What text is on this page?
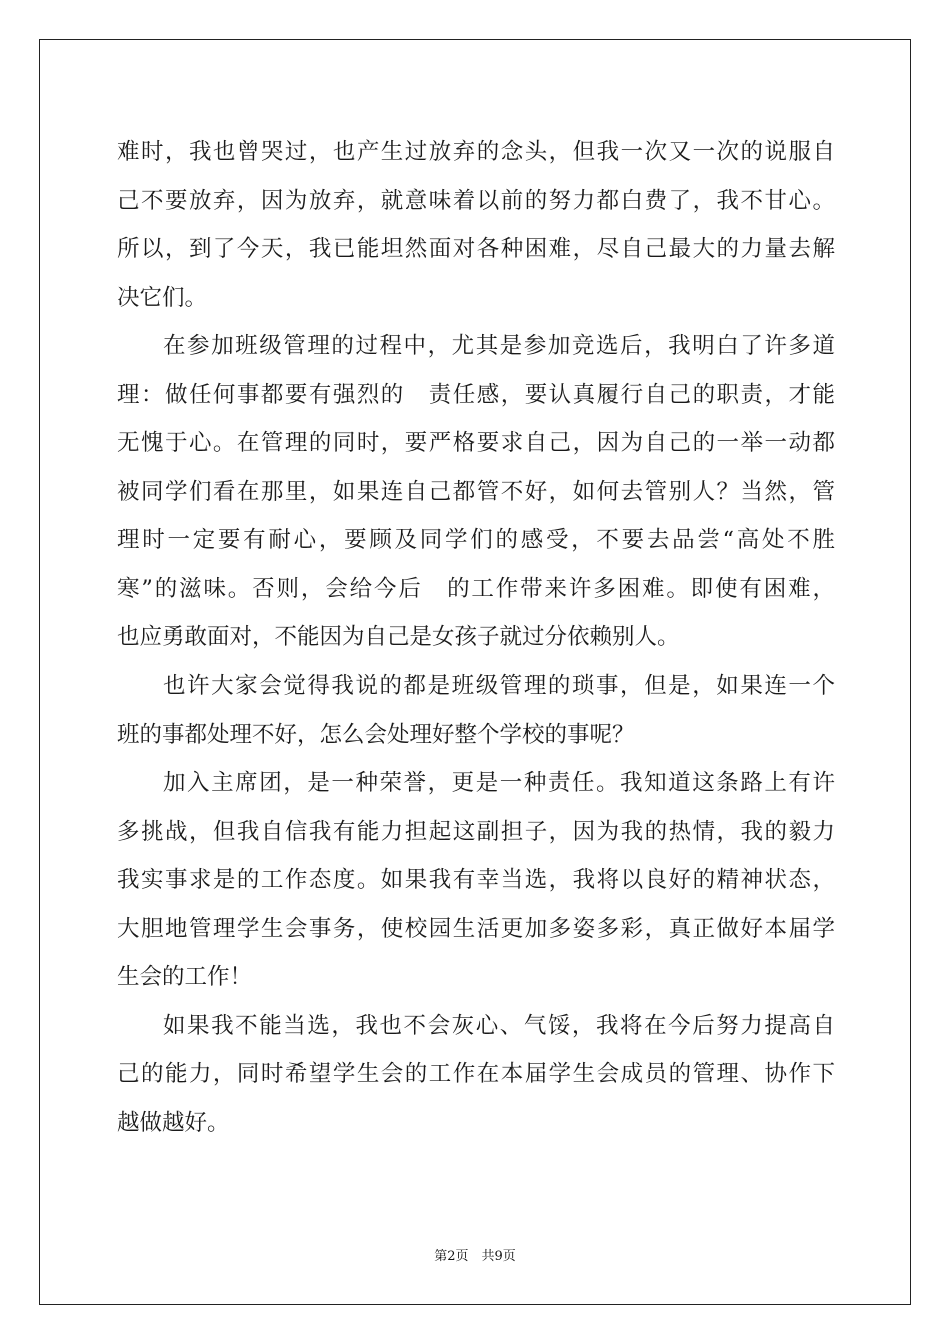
难时，我也曾哭过，也产生过放弃的念头，但我一次又一次的说服自
己不要放弃，因为放弃，就意味着以前的努力都白费了，我不甘心。
所以，到了今天，我已能坦然面对各种困难，尽自己最大的力量去解
决它们。
在参加班级管理的过程中，尤其是参加竞选后，我明白了许多道
理：做任何事都要有强烈的　责任感，要认真履行自己的职责，才能
无愧于心。在管理的同时，要严格要求自己，因为自己的一举一动都
被同学们看在那里，如果连自己都管不好，如何去管别人？当然，管
理时一定要有耐心，要顾及同学们的感受，不要去品尝“高处不胜
寒”的滋味。否则，会给今后　的工作带来许多困难。即使有困难，
也应勇敢面对，不能因为自己是女孩子就过分依赖别人。
也许大家会觉得我说的都是班级管理的琐事，但是，如果连一个
班的事都处理不好，怎么会处理好整个学校的事呢？
加入主席团，是一种荣誉，更是一种责任。我知道这条路上有许
多挑战，但我自信我有能力担起这副担子，因为我的热情，我的毅力
我实事求是的工作态度。如果我有幸当选，我将以良好的精神状态，
大胆地管理学生会事务，使校园生活更加多姿多彩，真正做好本届学
生会的工作！
如果我不能当选，我也不会灰心、气馁，我将在今后努力提高自
己的能力，同时希望学生会的工作在本届学生会成员的管理、协作下
越做越好。
第2页　共9页
